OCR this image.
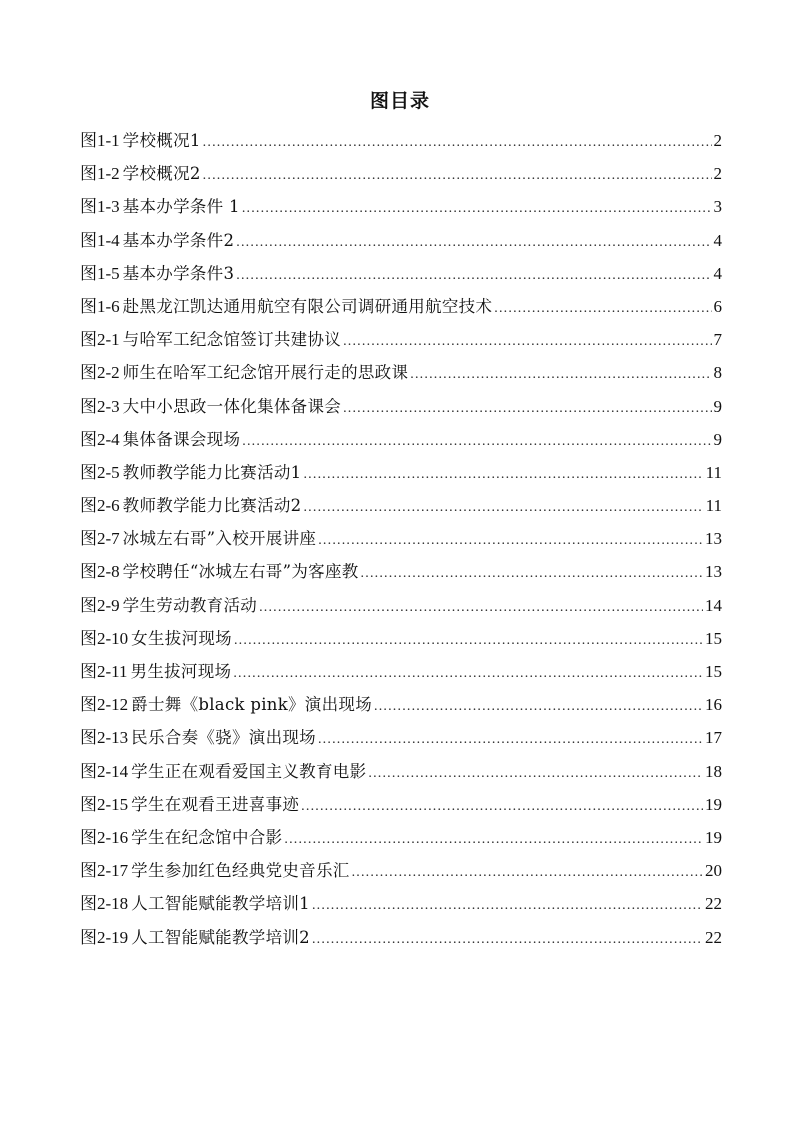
图目录
图1-1 学校概况1 .....	2
图1-2 学校概况2 .....	2
图1-3 基本办学条件 1 .....	3
图1-4 基本办学条件2 .....	4
图1-5 基本办学条件3 .....	4
图1-6 赴黑龙江凯达通用航空有限公司调研通用航空技术 .....	6
图2-1 与哈军工纪念馆签订共建协议 .....	7
图2-2 师生在哈军工纪念馆开展行走的思政课 .....	8
图2-3 大中小思政一体化集体备课会 .....	9
图2-4 集体备课会现场 .....	9
图2-5 教师教学能力比赛活动1 .....	11
图2-6 教师教学能力比赛活动2 .....	11
图2-7 冰城左右哥”入校开展讲座 .....	13
图2-8 学校聘任“冰城左右哥”为客座教 .....	13
图2-9 学生劳动教育活动 .....	14
图2-10 女生拔河现场 .....	15
图2-11 男生拔河现场 .....	15
图2-12 爵士舞《black pink》演出现场 .....	16
图2-13 民乐合奏《骁》演出现场 .....	17
图2-14 学生正在观看爱国主义教育电影 .....	18
图2-15 学生在观看王进喜事迹 .....	19
图2-16 学生在纪念馆中合影 .....	19
图2-17 学生参加红色经典党史音乐汇 .....	20
图2-18 人工智能赋能教学培训1 .....	22
图2-19 人工智能赋能教学培训2 .....	22
